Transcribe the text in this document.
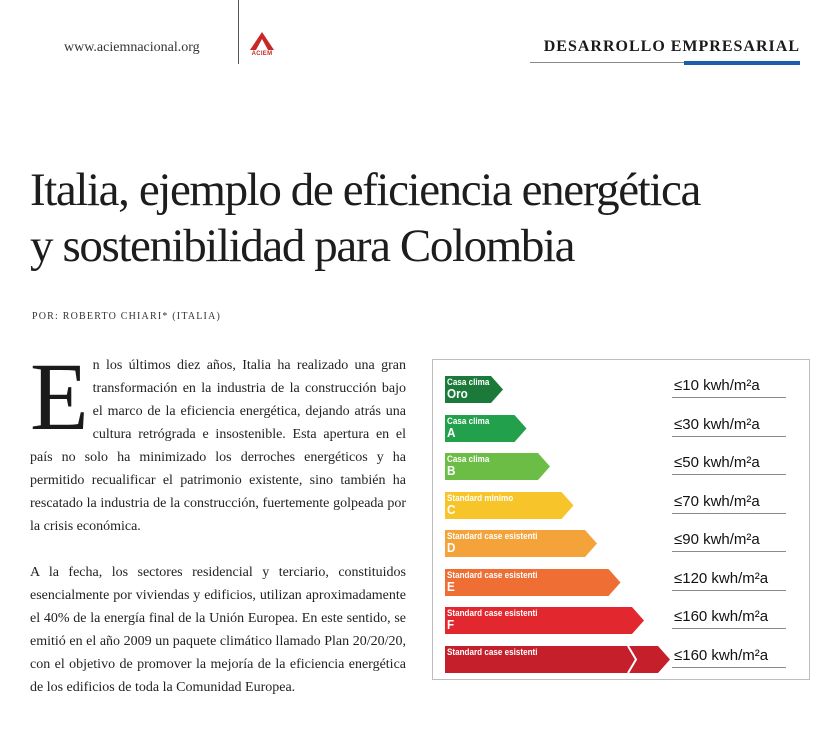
www.aciemnacional.org	ACIEM	DESARROLLO EMPRESARIAL
Italia, ejemplo de eficiencia energética
y sostenibilidad para Colombia
POR: ROBERTO CHIARI* (ITALIA)

En los últimos diez años, Italia ha realizado una gran transformación en la industria de la construcción bajo el marco de la eficiencia energética, dejando atrás una cultura retrógrada e insostenible. Esta apertura en el país no solo ha minimizado los derroches energéticos y ha permitido recualificar el patrimonio existente, sino también ha rescatado la industria de la construcción, fuertemente golpeada por la crisis económica.

A la fecha, los sectores residencial y terciario, constituidos esencialmente por viviendas y edificios, utilizan aproximadamente el 40% de la energía final de la Unión Europea. En este sentido, se emitió en el año 2009 un paquete climático llamado Plan 20/20/20, con el objetivo de promover la mejoría de la eficiencia energética de los edificios de toda la Comunidad Europea.

Casa clima
Oro	≤10 kwh/m²a
Casa clima
A	≤30 kwh/m²a
Casa clima
B	≤50 kwh/m²a
Standard minimo
C	≤70 kwh/m²a
Standard case esistenti
D	≤90 kwh/m²a
Standard case esistenti
E	≤120 kwh/m²a
Standard case esistenti
F	≤160 kwh/m²a
Standard case esistenti	≤160 kwh/m²a
